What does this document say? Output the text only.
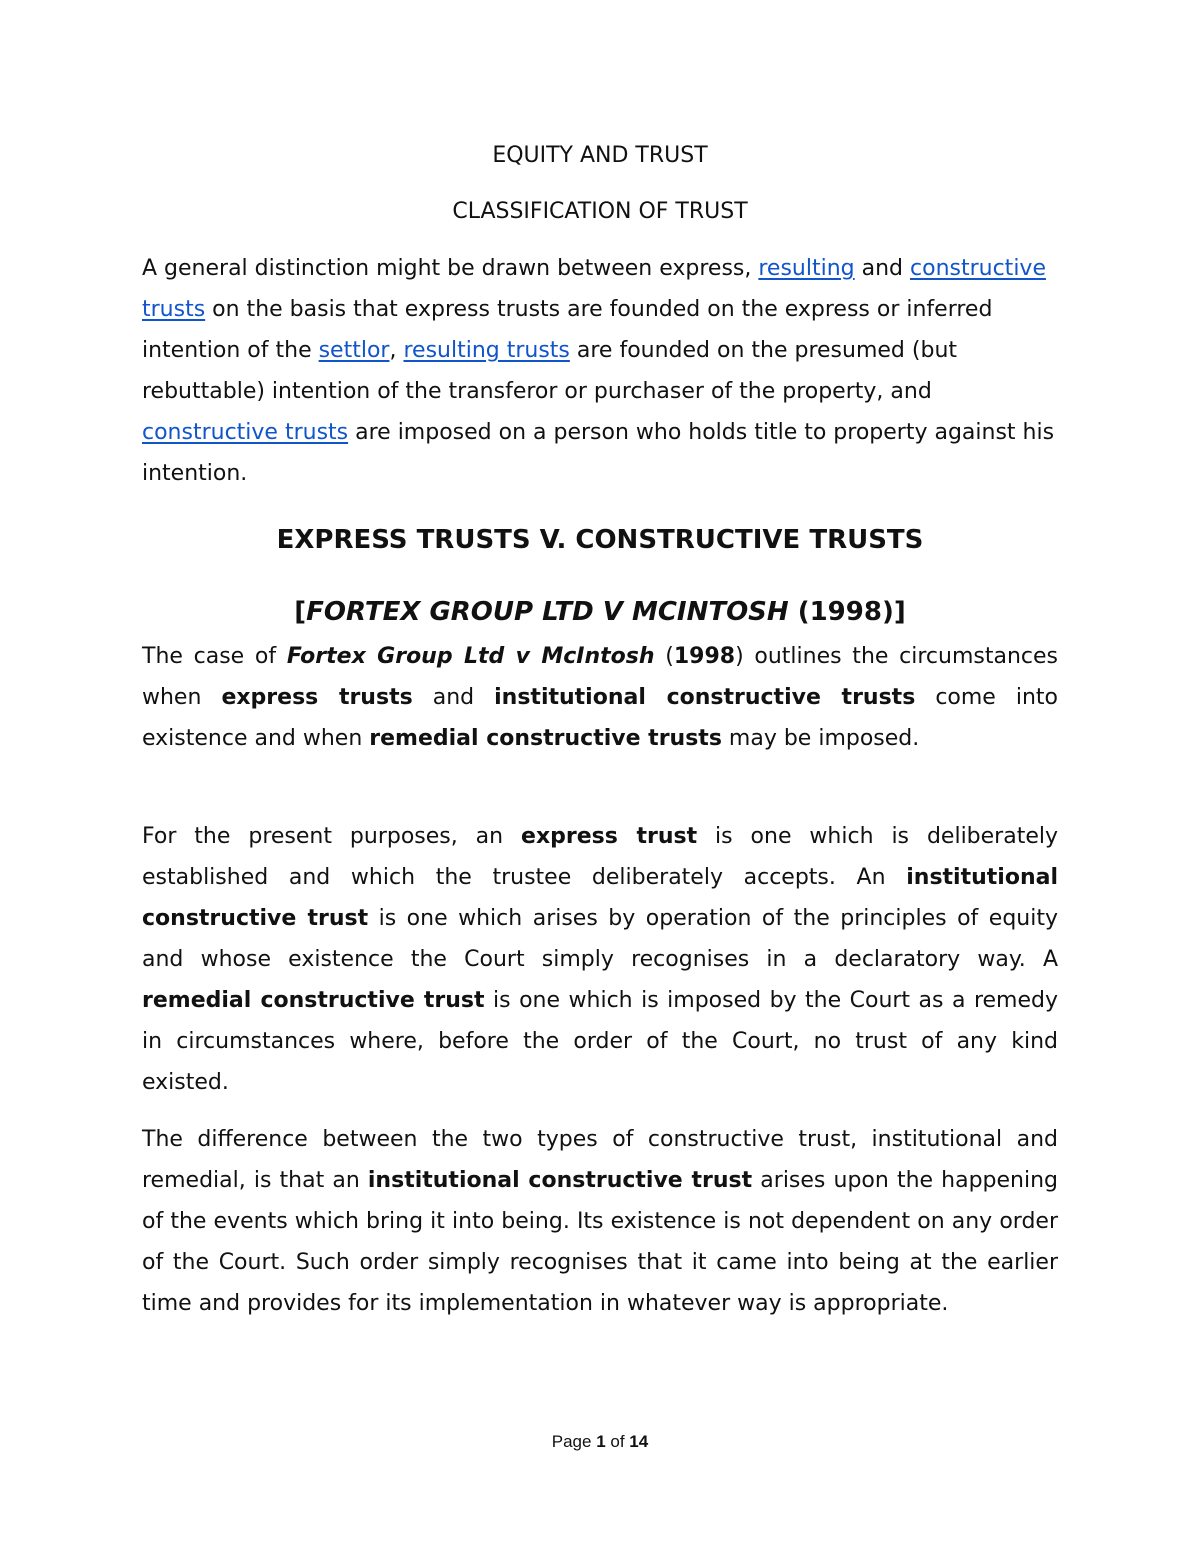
EQUITY AND TRUST

CLASSIFICATION OF TRUST

A general distinction might be drawn between express, resulting and constructive trusts on the basis that express trusts are founded on the express or inferred intention of the settlor, resulting trusts are founded on the presumed (but rebuttable) intention of the transferor or purchaser of the property, and constructive trusts are imposed on a person who holds title to property against his intention.

EXPRESS TRUSTS V. CONSTRUCTIVE TRUSTS
[FORTEX GROUP LTD V MCINTOSH (1998)]

The case of Fortex Group Ltd v McIntosh (1998) outlines the circumstances when express trusts and institutional constructive trusts come into existence and when remedial constructive trusts may be imposed.

For the present purposes, an express trust is one which is deliberately established and which the trustee deliberately accepts. An institutional constructive trust is one which arises by operation of the principles of equity and whose existence the Court simply recognises in a declaratory way. A remedial constructive trust is one which is imposed by the Court as a remedy in circumstances where, before the order of the Court, no trust of any kind existed.

The difference between the two types of constructive trust, institutional and remedial, is that an institutional constructive trust arises upon the happening of the events which bring it into being. Its existence is not dependent on any order of the Court. Such order simply recognises that it came into being at the earlier time and provides for its implementation in whatever way is appropriate.

Page 1 of 14
